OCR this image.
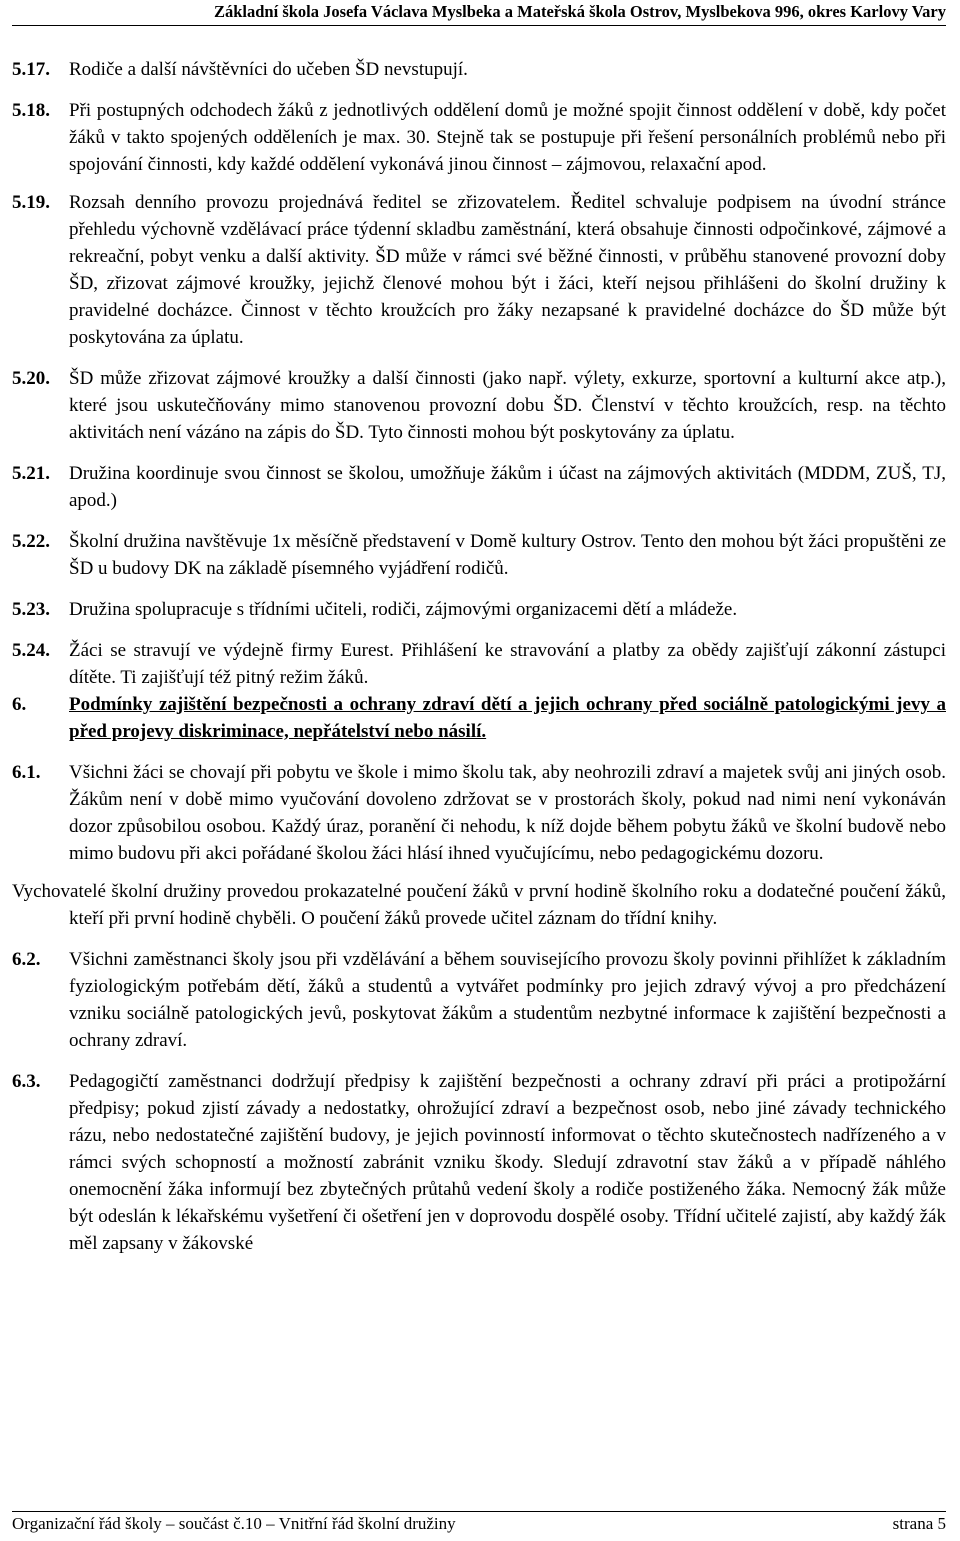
Základní škola Josefa Václava Myslbeka a Mateřská škola Ostrov, Myslbekova 996, okres Karlovy Vary

5.17. Rodiče a další návštěvníci do učeben ŠD nevstupují.

5.18. Při postupných odchodech žáků z jednotlivých oddělení domů je možné spojit činnost oddělení v době, kdy počet žáků v takto spojených odděleních je max. 30. Stejně tak se postupuje při řešení personálních problémů nebo při spojování činnosti, kdy každé oddělení vykonává jinou činnost – zájmovou, relaxační apod.

5.19. Rozsah denního provozu projednává ředitel se zřizovatelem. Ředitel schvaluje podpisem na úvodní stránce přehledu výchovně vzdělávací práce týdenní skladbu zaměstnání, která obsahuje činnosti odpočinkové, zájmové a rekreační, pobyt venku a další aktivity. ŠD může v rámci své běžné činnosti, v průběhu stanovené provozní doby ŠD, zřizovat zájmové kroužky, jejichž členové mohou být i žáci, kteří nejsou přihlášeni do školní družiny k pravidelné docházce. Činnost v těchto kroužcích pro žáky nezapsané k pravidelné docházce do ŠD může být poskytována za úplatu.

5.20. ŠD může zřizovat zájmové kroužky a další činnosti (jako např. výlety, exkurze, sportovní a kulturní akce atp.), které jsou uskutečňovány mimo stanovenou provozní dobu ŠD. Členství v těchto kroužcích, resp. na těchto aktivitách není vázáno na zápis do ŠD. Tyto činnosti mohou být poskytovány za úplatu.

5.21. Družina koordinuje svou činnost se školou, umožňuje žákům i účast na zájmových aktivitách (MDDM, ZUŠ, TJ, apod.)

5.22. Školní družina navštěvuje 1x měsíčně představení v Domě kultury Ostrov. Tento den mohou být žáci propuštěni ze ŠD u budovy DK na základě písemného vyjádření rodičů.

5.23. Družina spolupracuje s třídními učiteli, rodiči, zájmovými organizacemi dětí a mládeže.

5.24. Žáci se stravují ve výdejně firmy Eurest. Přihlášení ke stravování a platby za obědy zajišťují zákonní zástupci dítěte. Ti zajišťují též pitný režim žáků.

6. Podmínky zajištění bezpečnosti a ochrany zdraví dětí a jejich ochrany před sociálně patologickými jevy a před projevy diskriminace, nepřátelství nebo násilí.

6.1. Všichni žáci se chovají při pobytu ve škole i mimo školu tak, aby neohrozili zdraví a majetek svůj ani jiných osob. Žákům není v době mimo vyučování dovoleno zdržovat se v prostorách školy, pokud nad nimi není vykonáván dozor způsobilou osobou. Každý úraz, poranění či nehodu, k níž dojde během pobytu žáků ve školní budově nebo mimo budovu při akci pořádané školou žáci hlásí ihned vyučujícímu, nebo pedagogickému dozoru.

Vychovatelé školní družiny provedou prokazatelné poučení žáků v první hodině školního roku a dodatečné poučení žáků, kteří při první hodině chyběli. O poučení žáků provede učitel záznam do třídní knihy.

6.2. Všichni zaměstnanci školy jsou při vzdělávání a během souvisejícího provozu školy povinni přihlížet k základním fyziologickým potřebám dětí, žáků a studentů a vytvářet podmínky pro jejich zdravý vývoj a pro předcházení vzniku sociálně patologických jevů, poskytovat žákům a studentům nezbytné informace k zajištění bezpečnosti a ochrany zdraví.

6.3. Pedagogičtí zaměstnanci dodržují předpisy k zajištění bezpečnosti a ochrany zdraví při práci a protipožární předpisy; pokud zjistí závady a nedostatky, ohrožující zdraví a bezpečnost osob, nebo jiné závady technického rázu, nebo nedostatečné zajištění budovy, je jejich povinností informovat o těchto skutečnostech nadřízeného a v rámci svých schopností a možností zabránit vzniku škody. Sledují zdravotní stav žáků a v případě náhlého onemocnění žáka informují bez zbytečných průtahů vedení školy a rodiče postiženého žáka. Nemocný žák může být odeslán k lékařskému vyšetření či ošetření jen v doprovodu dospělé osoby. Třídní učitelé zajistí, aby každý žák měl zapsany v žákovské

Organizační řád školy – součást č.10 – Vnitřní řád školní družiny	strana 5
